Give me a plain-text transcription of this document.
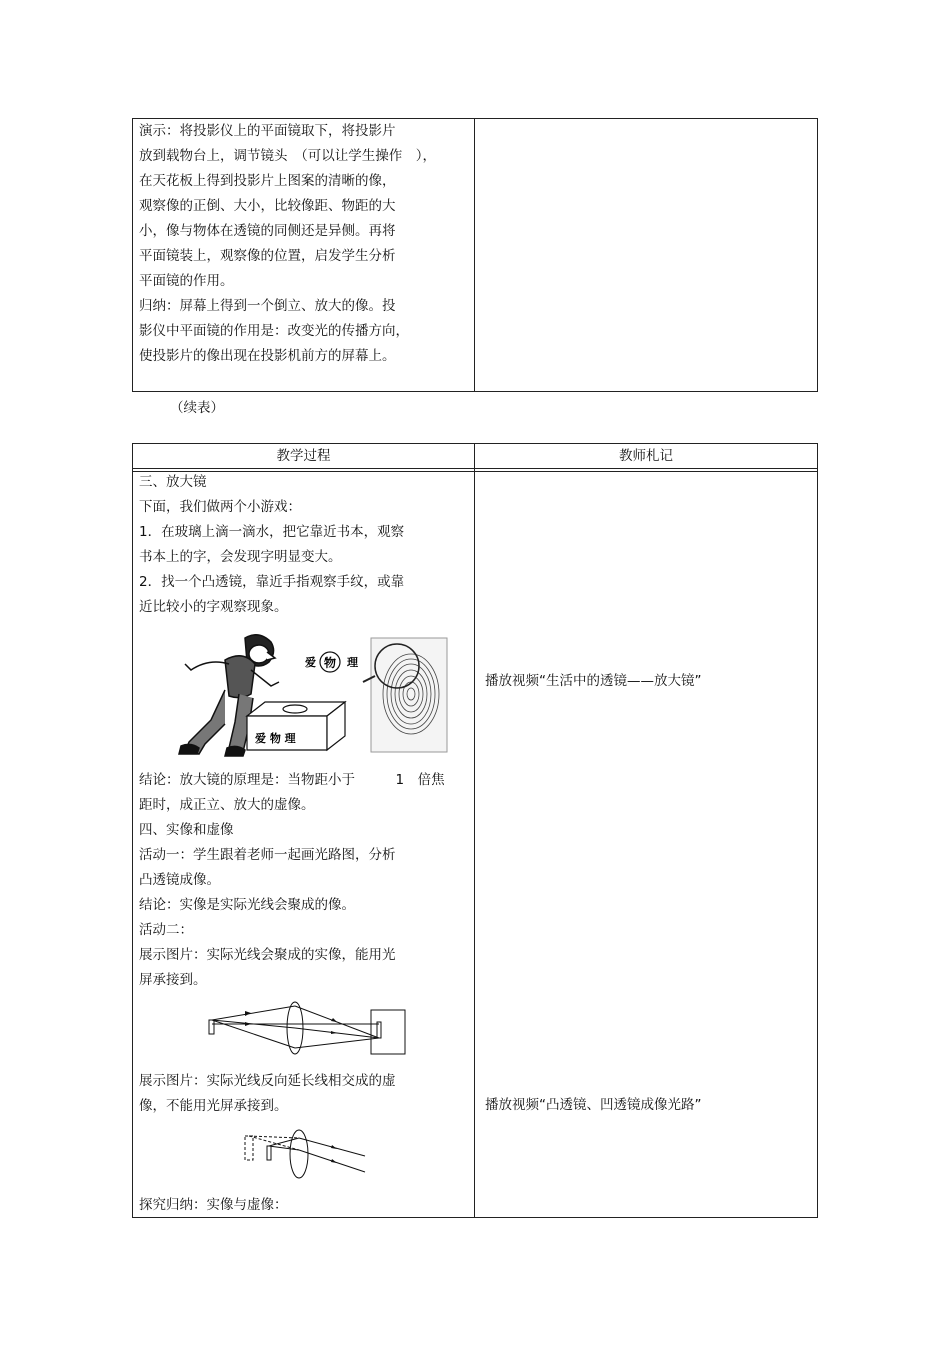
演示：将投影仪上的平面镜取下，将投影片
放到载物台上，调节镜头　（可以让学生操作　），
在天花板上得到投影片上图案的清晰的像，
观察像的正倒、大小，比较像距、物距的大
小，像与物体在透镜的同侧还是异侧。再将
平面镜装上，观察像的位置，启发学生分析
平面镜的作用。
归纳：屏幕上得到一个倒立、放大的像。投
影仪中平面镜的作用是：改变光的传播方向，
使投影片的像出现在投影机前方的屏幕上。
（续表）
教学过程	教师札记
三、放大镜
下面，我们做两个小游戏：
1．在玻璃上滴一滴水，把它靠近书本，观察
书本上的字，会发现字明显变大。
2．找一个凸透镜，靠近手指观察手纹，或靠
近比较小的字观察现象。
爱 物 理
爱 物 理
结论：放大镜的原理是：当物距小于　　　1　倍焦
距时，成正立、放大的虚像。
四、实像和虚像
活动一：学生跟着老师一起画光路图，分析
凸透镜成像。
结论：实像是实际光线会聚成的像。
活动二：
展示图片：实际光线会聚成的实像，能用光
屏承接到。
展示图片：实际光线反向延长线相交成的虚
像，不能用光屏承接到。
探究归纳：实像与虚像：
播放视频“生活中的透镜——放大镜”
播放视频“凸透镜、凹透镜成像光路”
